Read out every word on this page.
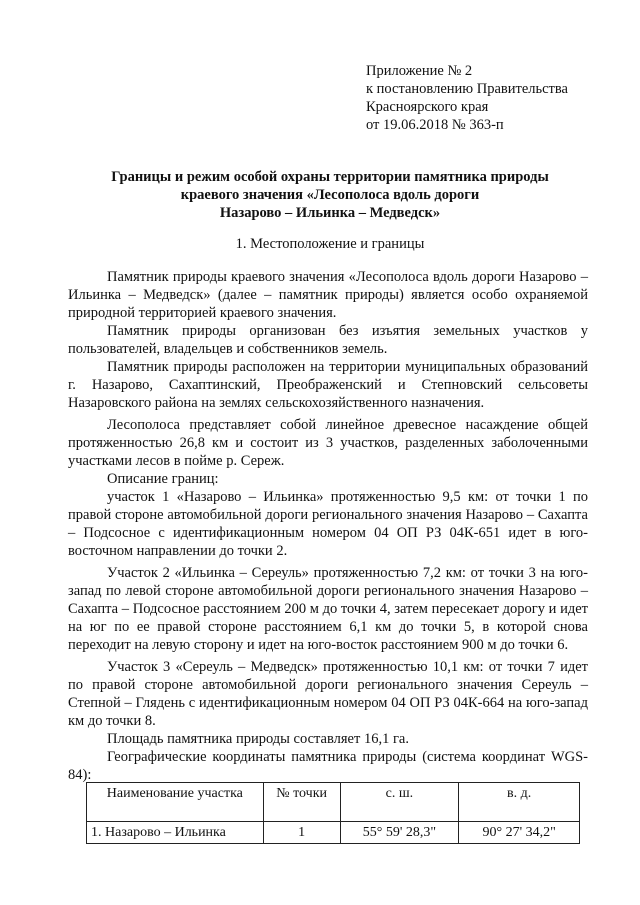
Приложение № 2
к постановлению Правительства
Красноярского края
от 19.06.2018 № 363-п
Границы и режим особой охраны территории памятника природы
краевого значения «Лесополоса вдоль дороги
Назарово – Ильинка – Медведск»
1. Местоположение и границы

Памятник природы краевого значения «Лесополоса вдоль дороги Назарово – Ильинка – Медведск» (далее – памятник природы) является особо охраняемой природной территорией краевого значения.

Памятник природы организован без изъятия земельных участков у пользователей, владельцев и собственников земель.

Памятник природы расположен на территории муниципальных образований г. Назарово, Сахаптинский, Преображенский и Степновский сельсоветы Назаровского района на землях сельскохозяйственного назначения.

Лесополоса представляет собой линейное древесное насаждение общей протяженностью 26,8 км и состоит из 3 участков, разделенных заболоченными участками лесов в пойме р. Сереж.

Описание границ:

участок 1 «Назарово – Ильинка» протяженностью 9,5 км: от точки 1 по правой стороне автомобильной дороги регионального значения Назарово – Сахапта – Подсосное с идентификационным номером 04 ОП РЗ 04К-651 идет в юго-восточном направлении до точки 2.

Участок 2 «Ильинка – Сереуль» протяженностью 7,2 км: от точки 3 на юго-запад по левой стороне автомобильной дороги регионального значения Назарово – Сахапта – Подсосное расстоянием 200 м до точки 4, затем пересекает дорогу и идет на юг по ее правой стороне расстоянием 6,1 км до точки 5, в которой снова переходит на левую сторону и идет на юго-восток расстоянием 900 м до точки 6.

Участок 3 «Сереуль – Медведск» протяженностью 10,1 км: от точки 7 идет по правой стороне автомобильной дороги регионального значения Сереуль – Степной – Глядень с идентификационным номером 04 ОП РЗ 04К-664 на юго-запад км до точки 8.

Площадь памятника природы составляет 16,1 га.

Географические координаты памятника природы (система координат WGS-84):

Наименование участка	№ точки	с. ш.	в. д.
1. Назарово – Ильинка	1	55° 59' 28,3"	90° 27' 34,2"
